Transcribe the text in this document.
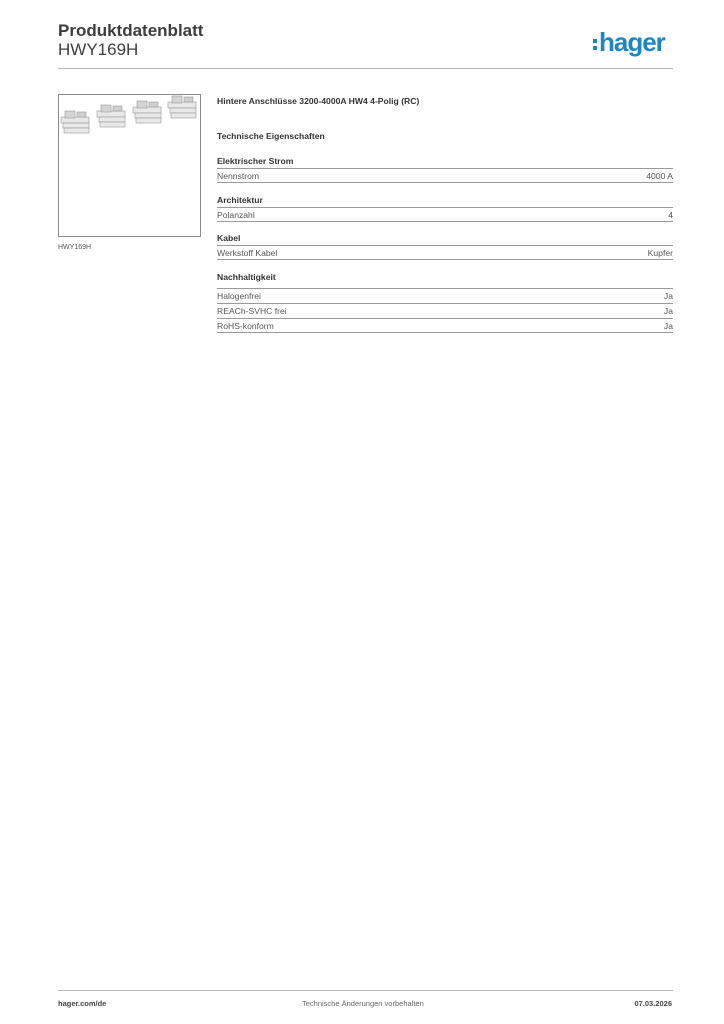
Produktdatenblatt
HWY169H	hager
HWY169H
Hintere Anschlüsse 3200-4000A HW4 4-Polig (RC)
Technische Eigenschaften
Elektrischer Strom
Nennstrom	4000 A
Architektur
Polanzahl	4
Kabel
Werkstoff Kabel	Kupfer
Nachhaltigkeit
Halogenfrei	Ja
REACh-SVHC frei	Ja
RoHS-konform	Ja
hager.com/de	Technische Änderungen vorbehalten	07.03.2026
